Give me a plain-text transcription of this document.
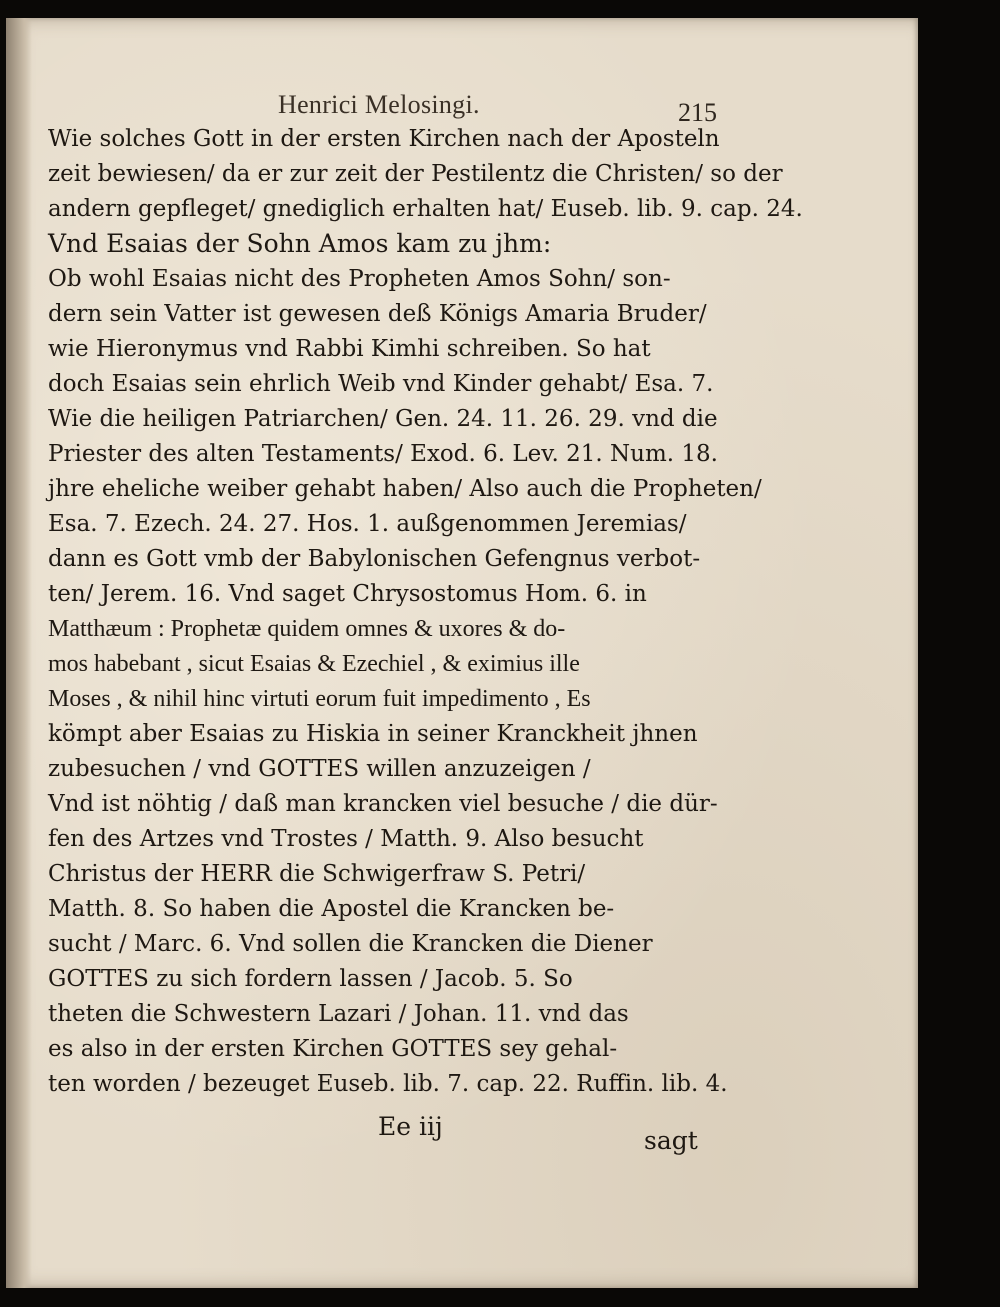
Henrici Melosingi.	215
Wie solches Gott in der ersten Kirchen nach der Aposteln
zeit bewiesen/ da er zur zeit der Pestilentz die Christen/ so der
andern gepfleget/ gnediglich erhalten hat/ Euseb. lib. 9. cap. 24.
Vnd Esaias der Sohn Amos kam zu jhm:
Ob wohl Esaias nicht des Propheten Amos Sohn/ son-
dern sein Vatter ist gewesen deß Königs Amaria Bruder/
wie Hieronymus vnd Rabbi Kimhi schreiben. So hat
doch Esaias sein ehrlich Weib vnd Kinder gehabt/ Esa. 7.
Wie die heiligen Patriarchen/ Gen. 24. 11. 26. 29. vnd die
Priester des alten Testaments/ Exod. 6. Lev. 21. Num. 18.
jhre eheliche weiber gehabt haben/ Also auch die Propheten/
Esa. 7. Ezech. 24. 27. Hos. 1. außgenommen Jeremias/
dann es Gott vmb der Babylonischen Gefengnus verbot-
ten/ Jerem. 16. Vnd saget Chrysostomus Hom. 6. in
Matthæum : Prophetæ quidem omnes & uxores & do-
mos habebant , sicut Esaias & Ezechiel , & eximius ille
Moses , & nihil hinc virtuti eorum fuit impedimento , Es
kömpt aber Esaias zu Hiskia in seiner Kranckheit jhnen
zubesuchen / vnd GOTTES willen anzuzeigen /
Vnd ist nöhtig / daß man krancken viel besuche / die dür-
fen des Artzes vnd Trostes / Matth. 9. Also besucht
Christus der HERR die Schwigerfraw S. Petri/
Matth. 8. So haben die Apostel die Krancken be-
sucht / Marc. 6. Vnd sollen die Krancken die Diener
GOTTES zu sich fordern lassen / Jacob. 5. So
theten die Schwestern Lazari / Johan. 11. vnd das
es also in der ersten Kirchen GOTTES sey gehal-
ten worden / bezeuget Euseb. lib. 7. cap. 22. Ruffin. lib. 4.
Ee iij	sagt
